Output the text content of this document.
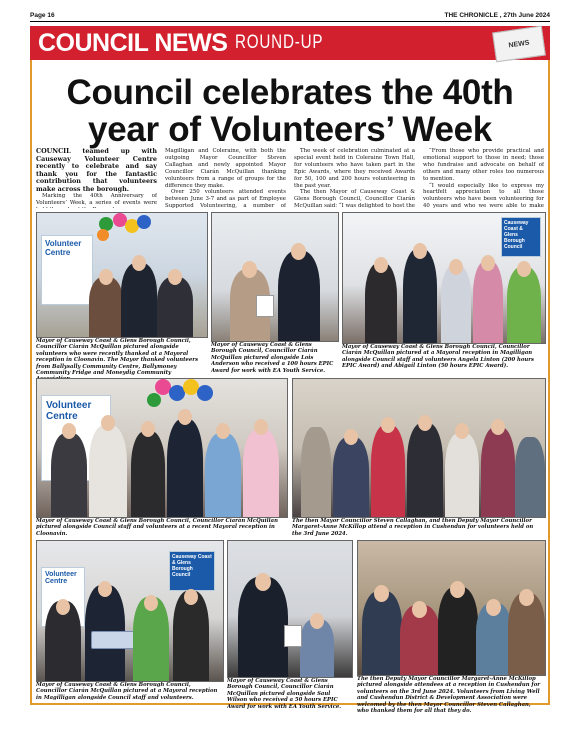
Page 16	THE CHRONICLE , 27th June 2024
COUNCIL NEWS ROUND-UP	NEWS
Council celebrates the 40th year of Volunteers’ Week

COUNCIL teamed up with Causeway Volunteer Centre recently to celebrate and say thank you for the fantastic contribution that volunteers make across the borough.

Marking the 40th Anniversary of Volunteers’ Week, a series of events were

Magilligan and Coleraine, with both the outgoing Mayor Councillor Steven Callaghan and newly appointed Mayor Councillor Ciarán McQuillan thanking volunteers from a range of groups for the difference they make.

Over 250 volunteers attended events between June 3-7 and as part of Employee Supported Volunteering, a number of

The week of celebration culminated at a special event held in Coleraine Town Hall, for volunteers who have taken part in the Epic Awards, where they received Awards for 50, 100 and 200 hours volunteering in the past year.

The then Mayor of Causeway Coast & Glens Borough Council, Councillor Ciarán McQuillan said: “I was delighted to host the

“From those who provide practical and emotional support to those in need; those who fundraise and advocate on behalf of others and many other roles too numerous to mention.

“I would especially like to express my heartfelt appreciation to all those volunteers who have been volunteering for 40 years and who we were able to make

Volunteer Centre
Causeway Coast & Glens Borough Council
Mayor of Causeway Coast & Glens Borough Council, Councillor Ciarán McQuillan pictured alongside volunteers who were recently thanked at a Mayoral reception in Cloonavin. The Mayor thanked volunteers from Ballysally Community Centre, Ballymoney Community Fridge and Moneydig Community
Mayor of Causeway Coast & Glens Borough Council, Councillor Ciarán McQuillan pictured alongside Lois Anderson who received a 100 hours EPIC Award for work with EA Youth Service.
Mayor of Causeway Coast & Glens Borough Council, Councillor Ciarán McQuillan pictured at a Mayoral reception in Magilligan alongside Council staff and volunteers Angela Linton (200 hours EPIC Award) and Abigail Linton (50 hours EPIC Award).
Volunteer Centre
Mayor of Causeway Coast & Glens Borough Council, Councillor Ciarán McQuillan pictured alongside Council staff and volunteers at a recent Mayoral reception in Cloonavin.
The then Mayor Councillor Steven Callaghan, and then Deputy Mayor Councillor Margaret-Anne McKillop attend a reception in Cushendun for volunteers held on the 3rd June 2024.
Volunteer Centre
Causeway Coast & Glens Borough Council
Mayor of Causeway Coast & Glens Borough Council, Councillor Ciarán McQuillan pictured at a Mayoral reception in Magilligan alongside Council staff and volunteers.
Mayor of Causeway Coast & Glens Borough Council, Councillor Ciarán McQuillan pictured alongside Saul Wilson who received a 50 hours EPIC Award for work with EA Youth Service.
The then Deputy Mayor Councillor Margaret-Anne McKillop pictured alongside attendees at a reception in Cushendun for volunteers on the 3rd June 2024. Volunteers from Living Well and Cushendun District & Development Association were welcomed by the then Mayor Councillor Steven Callaghan, who thanked them for all that they do.
